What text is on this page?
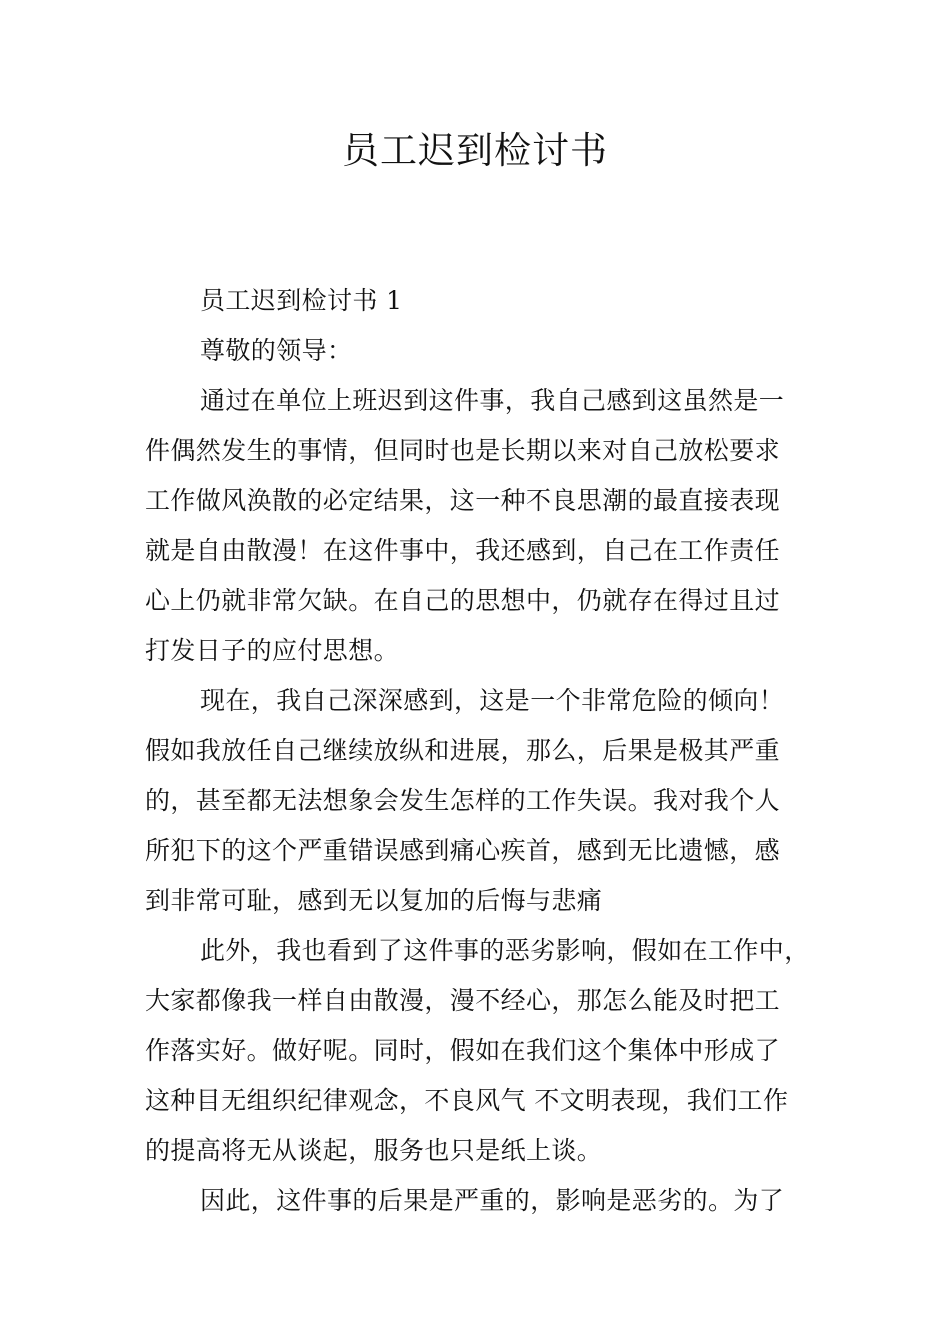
员工迟到检讨书
员工迟到检讨书 1
尊敬的领导：
通过在单位上班迟到这件事，我自己感到这虽然是一
件偶然发生的事情，但同时也是长期以来对自己放松要求
工作做风涣散的必定结果，这一种不良思潮的最直接表现
就是自由散漫！在这件事中，我还感到，自己在工作责任
心上仍就非常欠缺。在自己的思想中，仍就存在得过且过
打发日子的应付思想。
现在，我自己深深感到，这是一个非常危险的倾向！
假如我放任自己继续放纵和进展，那么，后果是极其严重
的，甚至都无法想象会发生怎样的工作失误。我对我个人
所犯下的这个严重错误感到痛心疾首，感到无比遗憾，感
到非常可耻，感到无以复加的后悔与悲痛
此外，我也看到了这件事的恶劣影响，假如在工作中，
大家都像我一样自由散漫，漫不经心，那怎么能及时把工
作落实好。做好呢。同时，假如在我们这个集体中形成了
这种目无组织纪律观念，不良风气 不文明表现，我们工作
的提高将无从谈起，服务也只是纸上谈。
因此，这件事的后果是严重的，影响是恶劣的。为了
